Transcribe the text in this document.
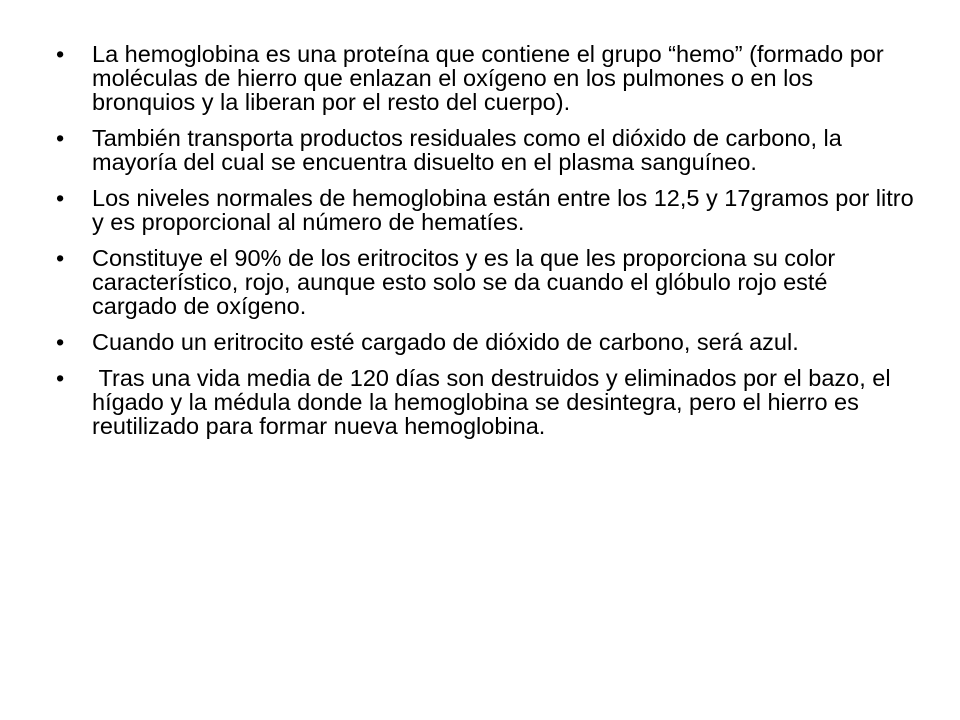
•	La hemoglobina es una proteína que contiene el grupo “hemo” (formado por moléculas de hierro que enlazan el oxígeno en los pulmones o en los bronquios y la liberan por el resto del cuerpo).
•	También transporta productos residuales como el dióxido de carbono, la mayoría del cual se encuentra disuelto en el plasma sanguíneo.
•	Los niveles normales de hemoglobina están entre los 12,5 y 17gramos por litro y es proporcional al número de hematíes.
•	Constituye el 90% de los eritrocitos y es la que les proporciona su color característico, rojo, aunque esto solo se da cuando el glóbulo rojo esté cargado de oxígeno.
•	Cuando un eritrocito esté cargado de dióxido de carbono, será azul.
•	Tras una vida media de 120 días son destruidos y eliminados por el bazo, el hígado y la médula donde la hemoglobina se desintegra, pero el hierro es reutilizado para formar nueva hemoglobina.
